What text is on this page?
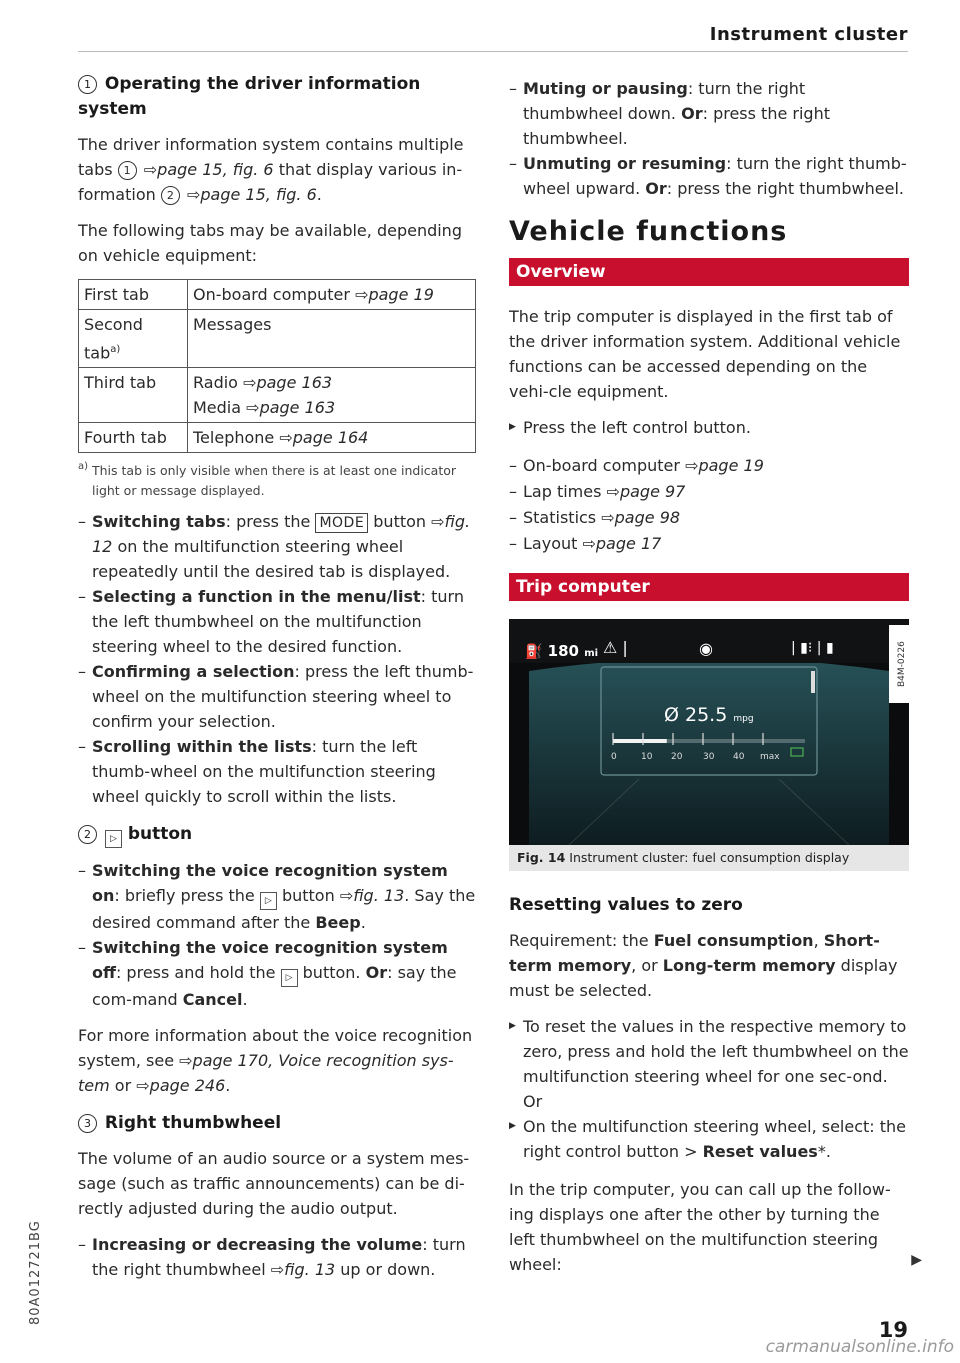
Instrument cluster
1 Operating the driver information system

The driver information system contains multiple tabs 1 ⇨page 15, fig. 6 that display various in-formation 2 ⇨page 15, fig. 6.

The following tabs may be available, depending on vehicle equipment:

First tab	On-board computer ⇨page 19
Second tab$^{a)}$	Messages
Third tab	Radio ⇨page 163
Media ⇨page 163
Fourth tab	Telephone ⇨page 164
a) This tab is only visible when there is at least one indicator light or message displayed.

– Switching tabs: press the MODE button ⇨fig. 12 on the multifunction steering wheel repeatedly until the desired tab is displayed.

– Selecting a function in the menu/list: turn the left thumbwheel on the multifunction steering wheel to the desired function.

– Confirming a selection: press the left thumb-wheel on the multifunction steering wheel to confirm your selection.

– Scrolling within the lists: turn the left thumb-wheel on the multifunction steering wheel quickly to scroll within the lists.

2 ▷ button

– Switching the voice recognition system on: briefly press the ▷ button ⇨fig. 13. Say the desired command after the Beep.

– Switching the voice recognition system off: press and hold the ▷ button. Or: say the com-mand Cancel.

For more information about the voice recognition system, see ⇨page 170, Voice recognition sys-tem or ⇨page 246.

3 Right thumbwheel

The volume of an audio source or a system mes-sage (such as traffic announcements) can be di-rectly adjusted during the audio output.

– Increasing or decreasing the volume: turn the right thumbwheel ⇨fig. 13 up or down.

– Muting or pausing: turn the right thumbwheel down. Or: press the right thumbwheel.

– Unmuting or resuming: turn the right thumb-wheel upward. Or: press the right thumbwheel.

Vehicle functions
Overview

The trip computer is displayed in the first tab of the driver information system. Additional vehicle functions can be accessed depending on the vehi-cle equipment.

▶ Press the left control button.

– On-board computer ⇨page 19
– Lap times ⇨page 97
– Statistics ⇨page 98
– Layout ⇨page 17
Trip computer
⛽ 180 mi ⚠ |	◉	| ▮⁝ | ▮
Ø 25.5 mpg
0	10 20 30 40 max
B4M-0226
Fig. 14 Instrument cluster: fuel consumption display
Resetting values to zero

Requirement: the Fuel consumption, Short-term memory, or Long-term memory display must be selected.

▶ To reset the values in the respective memory to zero, press and hold the left thumbwheel on the multifunction steering wheel for one sec-ond. Or

▶ On the multifunction steering wheel, select: the right control button > Reset values*.

In the trip computer, you can call up the follow-ing displays one after the other by turning the left thumbwheel on the multifunction steering wheel:	▶
80A012721BG
19
carmanualsonline.info
